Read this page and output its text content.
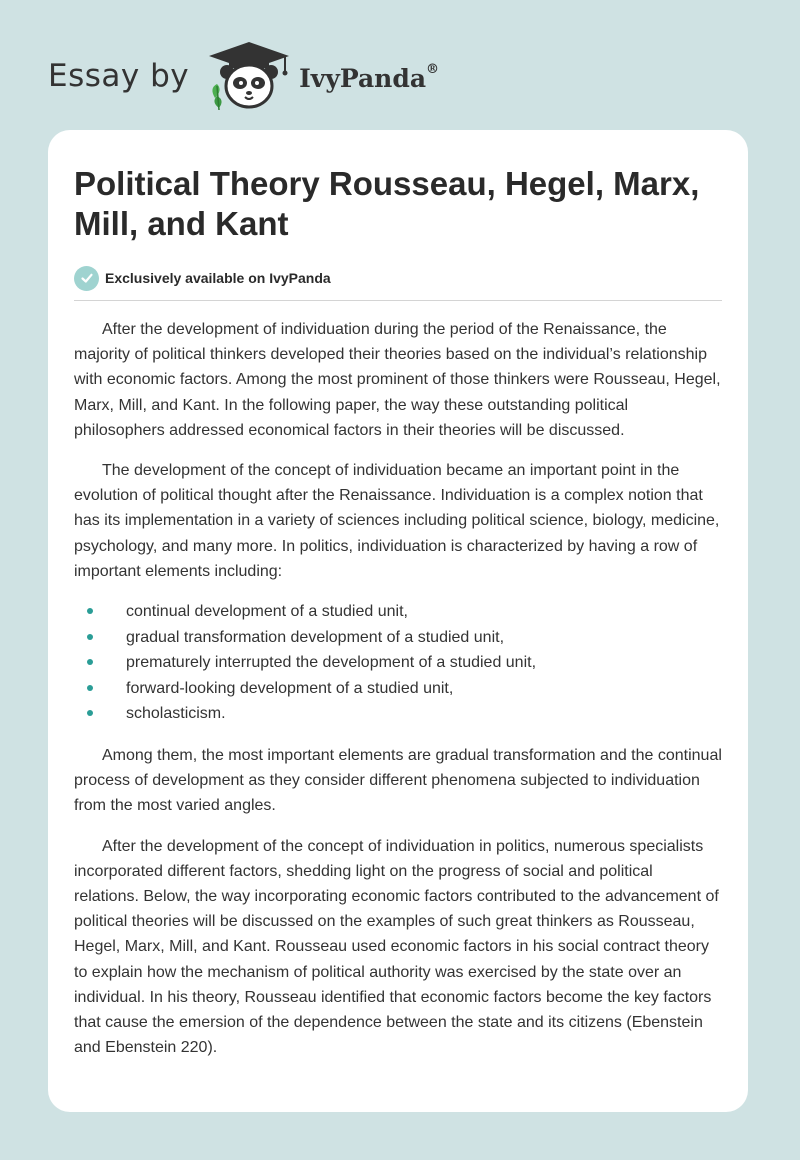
Essay by	IvyPanda®
Political Theory Rousseau, Hegel, Marx, Mill, and Kant
Exclusively available on IvyPanda

After the development of individuation during the period of the Renaissance, the majority of political thinkers developed their theories based on the individual’s relationship with economic factors. Among the most prominent of those thinkers were Rousseau, Hegel, Marx, Mill, and Kant. In the following paper, the way these outstanding political philosophers addressed economical factors in their theories will be discussed.

The development of the concept of individuation became an important point in the evolution of political thought after the Renaissance. Individuation is a complex notion that has its implementation in a variety of sciences including political science, biology, medicine, psychology, and many more. In politics, individuation is characterized by having a row of important elements including:

continual development of a studied unit,
gradual transformation development of a studied unit,
prematurely interrupted the development of a studied unit,
forward-looking development of a studied unit,
scholasticism.

Among them, the most important elements are gradual transformation and the continual process of development as they consider different phenomena subjected to individuation from the most varied angles.

After the development of the concept of individuation in politics, numerous specialists incorporated different factors, shedding light on the progress of social and political relations. Below, the way incorporating economic factors contributed to the advancement of political theories will be discussed on the examples of such great thinkers as Rousseau, Hegel, Marx, Mill, and Kant. Rousseau used economic factors in his social contract theory to explain how the mechanism of political authority was exercised by the state over an individual. In his theory, Rousseau identified that economic factors become the key factors that cause the emersion of the dependence between the state and its citizens (Ebenstein and Ebenstein 220).
